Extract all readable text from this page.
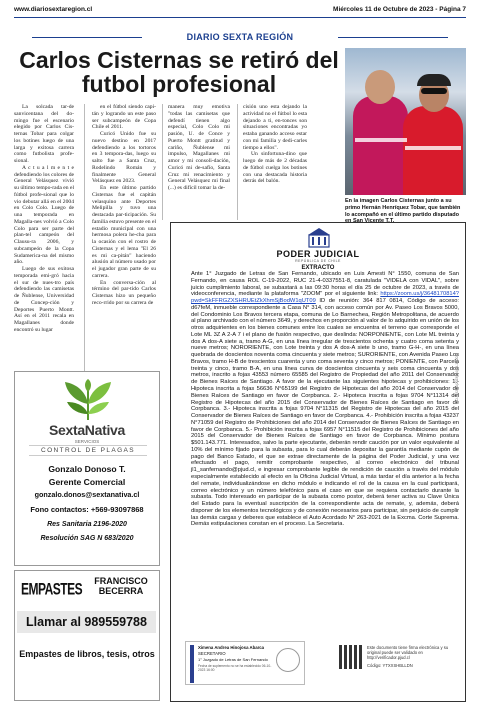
www.diariosextaregion.cl	Miércoles 11 de Octubre de 2023 - Página 7
DIARIO SEXTA REGIÓN
Carlos Cisternas se retiró del futbol profesional
En la imagen Carlos Cisternas junto a su primo Hernán Henríquez Tobar, que también lo acompañó en el último partido disputado en San Vicente T.T.

La solcada tar-de sanvicentana del do-mingo fue el escenario elegido por Carlos Cis-ternas Tobar para colgar los botines luego de una larga y exitosa carrera como futbolista profe-sional.

A c t u a l m e n t e defendiendo los colores de General Velásquez vivió su último tempo-rada en el fútbol profe-sional que lo vio debutar allá en el 2004 en Colo Colo. Luego de una temporada en Magalla-nes volvió a Colo Colo para ser parte del plan-tel campeón del Clausu-ra 2006, y subcampeón de la Copa Sudamerica-na del mismo año.

Luego de sus exitosa temporada emi-gró hacia el sur de nues-tro país defendiendo las camisetas de Ñublense, Universidad de Concep-ción y Deportes Puerto Montt. Así en el 2011 recala en Magallanes donde encontró su lugar

en el fútbol siendo capi-tán y logrando un este paso ser subcampeón de Copa Chile el 2011.

Curicó Unido fue su nuevo destino en 2017 defendiendo a los tortoros en 3 tempora-das, luego su salto fue a Santa Cruz, Rodelindo Román y finalmente General Velásquez en 2023.

En este último partido Cisternas fue el capitán velasquino ante Deportes Melipilla y tuvo una destacada par-ticipación. Su familia estuvo presente en el estadio municipal con una hermosa polera he-cha para la ocasión con el rostro de Cisternas y el lema "El 26 es mi ca-pitán" haciendo alusión al número usado por el jugador gran parte de su carrera.

En conversa-ción al término del par-tido Carlos Cisternas hizo un pequeño reco-rrido por su carrera de

manera muy emotiva "todas las camisetas que defendí tienen algo especial, Colo Colo mi pasión, U. de Conce y Puerto Montt gratitud y cariño, Ñublense mi impulso, Magallanes mi amor y mi consoli-dación, Curicó mi de-safío, Santa Cruz mi renacimiento y General Velásquez mi final (...) es difícil tomar la de-

cisión uno esta dejando la actividad no el fútbol lo esta dejando a ti, en-tonces son situaciones encontradas yo estaba ganando acceso estar con mi familia y dedi-carles tiempo a ellos".

Un sinfortuna-dino que luego de más de 2 décadas de fútbol cuelga los botines con una destacada historia detrás del balón.

SextaNativa
SERVICIOS
CONTROL DE PLAGAS
Gonzalo Donoso T.
Gerente Comercial
gonzalo.donos@sextanativa.cl
Fono contactos: +569-93097868
Res Sanitaria 2196-2020
Resolución SAG N 683/2020
EMPASTES	FRANCISCO BECERRA
Llamar al 989559788
Empastes de libros, tesis, otros
PODER JUDICIAL
REPÚBLICA DE CHILE
EXTRACTO
Ante 1° Juzgado de Letras de San Fernando, ubicado en Luis Amesti N° 1550, comuna de San Fernando, en causa ROL C-19-2022, RUC 21-4-0337551-8, caratulada "VIDELA con VIDAL", sobre juicio cumplimiento laboral, se subastará a las 09:30 horas el día 25 de octubre de 2023, a través de videoconferencia, mediante la plataforma "ZOOM" por el siguiente link: https://zoom.us/j/3648170814?pwd=SkFFRGZXSHRUEtZkXhmSjBodW1qUT09 ID de reunión: 364 817 0814, Código de acceso: d67feM, inmueble correspondiente a Casa N° 314, con acceso común por Av. Paseo Los Bravos 5000, del Condominio Los Bravos tercera etapa, comuna de Lo Barnechea, Región Metropolitana, de acuerdo al plano archivado con el número 3649, y derechos en proporción al valor de lo adquirido en unión de los otros adquirientes en los bienes comunes entre los cuales se encuentra el terreno que corresponde el Lote ML 3Z A 2-A 7 i el plano de fusión respectivo, que deslinda: NORPONIENTE, con Lote ML treinta y dos A dos-A siete a, tramo A-G, en una línea irregular de trescientos ochenta y cuatro coma setenta y nueve metros; NORORIENTE, con Lote treinta y dos A dos-A siete b uno, tramo G-H-, en una línea quebrada de doscientos noventa coma cincuenta y siete metros; SURORIENTE, con Avenida Paseo Los Bravos, tramo H-B de trescientos cuarenta y uno coma seventa y cinco metros; PONIENTE, con Parcela treinta y cinco, tramo B-A, en una línea curva de doscientos cincuenta y seis coma cincuenta y dos metros, inscrito a fojas 43553 número 65585 del Registro de Propiedad del año 2011 del Conservador de Bienes Raíces de Santiago. A favor de la ejecutante las siguientes hipotecas y prohibiciones: 1.- Hipoteca inscrita a fojas 56636 N°65199 del Registro de Hipotecas del año 2014 del Conservador de Bienes Raíces de Santiago en favor de Corpbanca. 2.- Hipoteca inscrita a fojas 9704 N°11314 del Registro de Hipotecas del año 2015 del Conservador de Bienes Raíces de Santiago en favor de Corpbanca. 3.- Hipoteca inscrita a fojas 9704 N°11315 del Registro de Hipotecas del año 2015 del Conservador de Bienes Raíces de Santiago en favor de Corpbanca. 4.- Prohibición inscrita a fojas 43237 N°71059 del Registro de Prohibiciones del año 2014 del Conservador de Bienes Raíces de Santiago en favor de Corpbanca. 5.- Prohibición inscrita a fojas 6957 N°11515 del Registro de Prohibiciones del año 2015 del Conservador de Bienes Raíces de Santiago en favor de Corpbanca. Mínimo postura $501.143.771. Interesados, salvo la parte ejecutante, deberán rendir caución por un valor equivalente al 10% del mínimo fijado para la subasta, para lo cual deberán depositar la garantía mediante cupón de pago del Banco Estado, el que se extrae directamente de la página del Poder Judicial, y una vez efectuado el pago, remitir comprobante respectivo, al correo electrónico del tribunal jl1_sanfernando@pjud.cl, e ingresar comprobante legible de rendición de caución a través del módulo especialmente establecido al efecto en la Oficina Judicial Virtual, a más tardar el día anterior a la fecha del remate, individualizándose en dicho módulo e indicando el rol de la causa en la cual participará, correo electrónico y un número telefónico para el caso en que se requiera contactarlo durante la subasta. Todo interesado en participar de la subasta como postor, deberá tener activa su Clave Única del Estado para la eventual suscripción de la correspondiente acta de remate, y, además, deberá disponer de los elementos tecnológicos y de conexión necesarios para participar, sin perjuicio de cumplir las demás cargas y deberes que establece el Auto Acordado N° 263-2021 de la Excma. Corte Suprema. Demás estipulaciones constan en el proceso. La Secretaria.
ID-7152-2A(2023)(04) 04-10-2023
Ximena Andrea Hinojosa Abarca
SECRETARIO
1° Juzgado de Letras de San Fernando
Fecha de suplemento no se ha establecido 06-10-2023 16:00
Este documento tiene firma electrónica y su original puede ser validado en http://verificador.pjud.cl
Código: YTXXSHBLLDN
